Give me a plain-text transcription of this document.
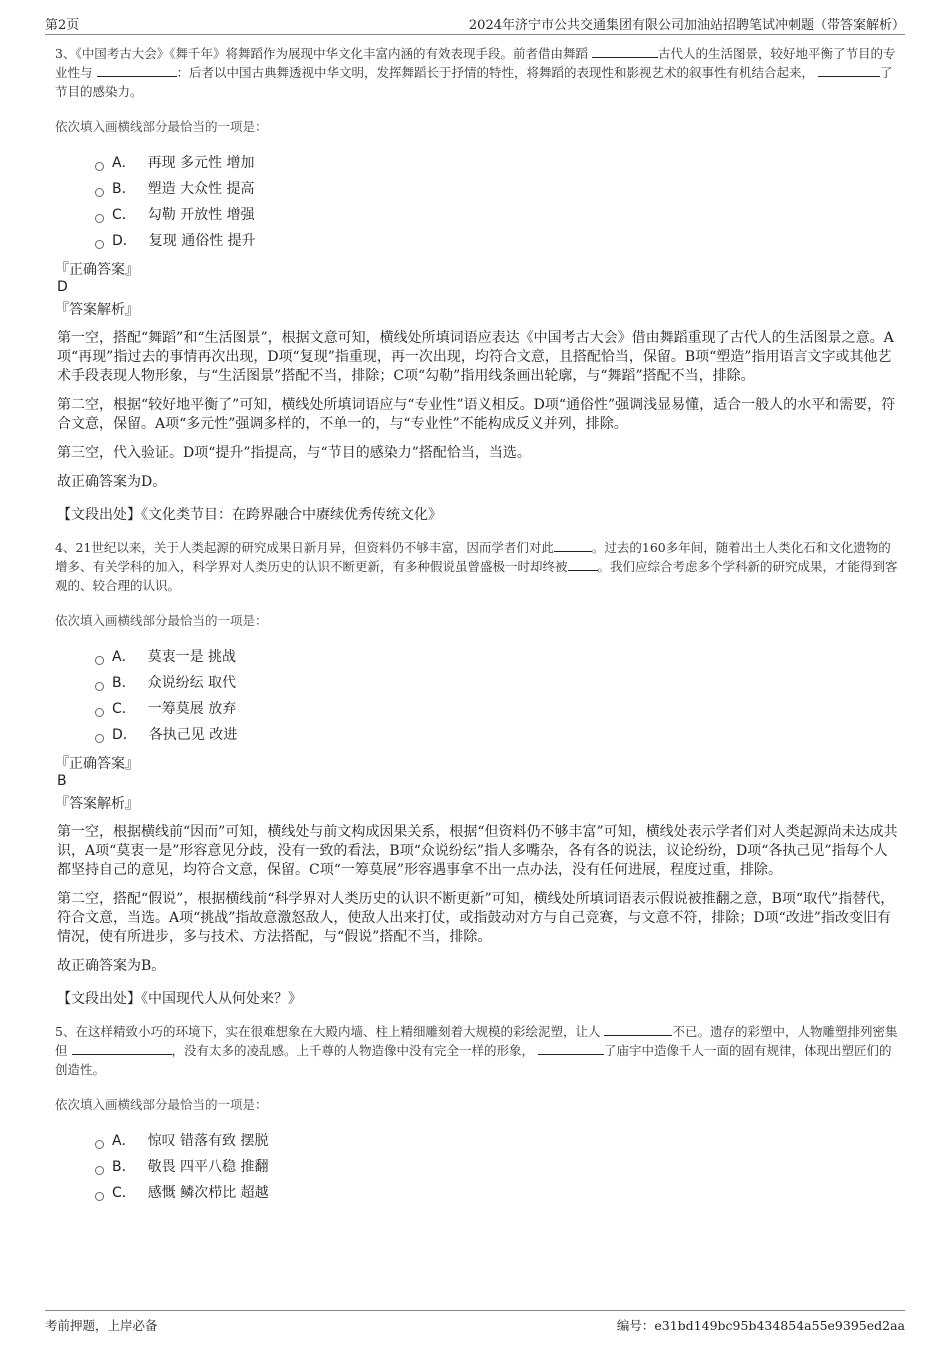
第2页	2024年济宁市公共交通集团有限公司加油站招聘笔试冲刺题（带答案解析）
3、《中国考古大会》《舞千年》将舞蹈作为展现中华文化丰富内涵的有效表现手段。前者借由舞蹈	古代人的生活图景，较好地平衡了节目的专业性与	：后者以中国古典舞透视中华文明，发挥舞蹈长于抒情的特性，将舞蹈的表现性和影视艺术的叙事性有机结合起来，	了节目的感染力。
依次填入画横线部分最恰当的一项是：
A． 再现 多元性 增加
B． 塑造 大众性 提高
C． 勾勒 开放性 增强
D． 复现 通俗性 提升
『正确答案』
D
『答案解析』
第一空，搭配“舞蹈”和“生活图景”，根据文意可知，横线处所填词语应表达《中国考古大会》借由舞蹈重现了古代人的生活图景之意。A项“再现”指过去的事情再次出现，D项“复现”指重现，再一次出现，均符合文意，且搭配恰当，保留。B项“塑造”指用语言文字或其他艺术手段表现人物形象，与“生活图景”搭配不当，排除；C项“勾勒”指用线条画出轮廓，与“舞蹈”搭配不当，排除。
第二空，根据“较好地平衡了”可知，横线处所填词语应与“专业性”语义相反。D项“通俗性”强调浅显易懂，适合一般人的水平和需要，符合文意，保留。A项“多元性”强调多样的，不单一的，与“专业性”不能构成反义并列，排除。
第三空，代入验证。D项“提升”指提高，与“节目的感染力”搭配恰当，当选。
故正确答案为D。
【文段出处】《文化类节目：在跨界融合中赓续优秀传统文化》
4、21世纪以来，关于人类起源的研究成果日新月异，但资料仍不够丰富，因而学者们对此	。过去的160多年间，随着出土人类化石和文化遗物的增多、有关学科的加入，科学界对人类历史的认识不断更新，有多种假说虽曾盛极一时却终被 。我们应综合考虑多个学科新的研究成果，才能得到客观的、较合理的认识。
依次填入画横线部分最恰当的一项是：
A． 莫衷一是 挑战
B． 众说纷纭 取代
C． 一筹莫展 放弃
D． 各执己见 改进
『正确答案』
B
『答案解析』
第一空，根据横线前“因而”可知，横线处与前文构成因果关系，根据“但资料仍不够丰富”可知，横线处表示学者们对人类起源尚未达成共识，A项“莫衷一是”形容意见分歧，没有一致的看法，B项“众说纷纭”指人多嘴杂，各有各的说法，议论纷纷，D项“各执己见”指每个人都坚持自己的意见，均符合文意，保留。C项“一筹莫展”形容遇事拿不出一点办法，没有任何进展，程度过重，排除。
第二空，搭配“假说”，根据横线前“科学界对人类历史的认识不断更新”可知，横线处所填词语表示假说被推翻之意，B项“取代”指替代，符合文意，当选。A项“挑战”指故意激怒敌人，使敌人出来打仗，或指鼓动对方与自己竞赛，与文意不符，排除；D项“改进”指改变旧有情况，使有所进步，多与技术、方法搭配，与“假说”搭配不当，排除。
故正确答案为B。
【文段出处】《中国现代人从何处来？》
5、在这样精致小巧的环境下，实在很难想象在大殿内墙、柱上精细雕刻着大规模的彩绘泥塑，让人	不已。遗存的彩塑中，人物雕塑排列密集但	，没有太多的凌乱感。上千尊的人物造像中没有完全一样的形象，	了庙宇中造像千人一面的固有规律，体现出塑匠们的创造性。
依次填入画横线部分最恰当的一项是：
A． 惊叹 错落有致 摆脱
B． 敬畏 四平八稳 推翻
C． 感慨 鳞次栉比 超越
考前押题，上岸必备	编号：e31bd149bc95b434854a55e9395ed2aa
